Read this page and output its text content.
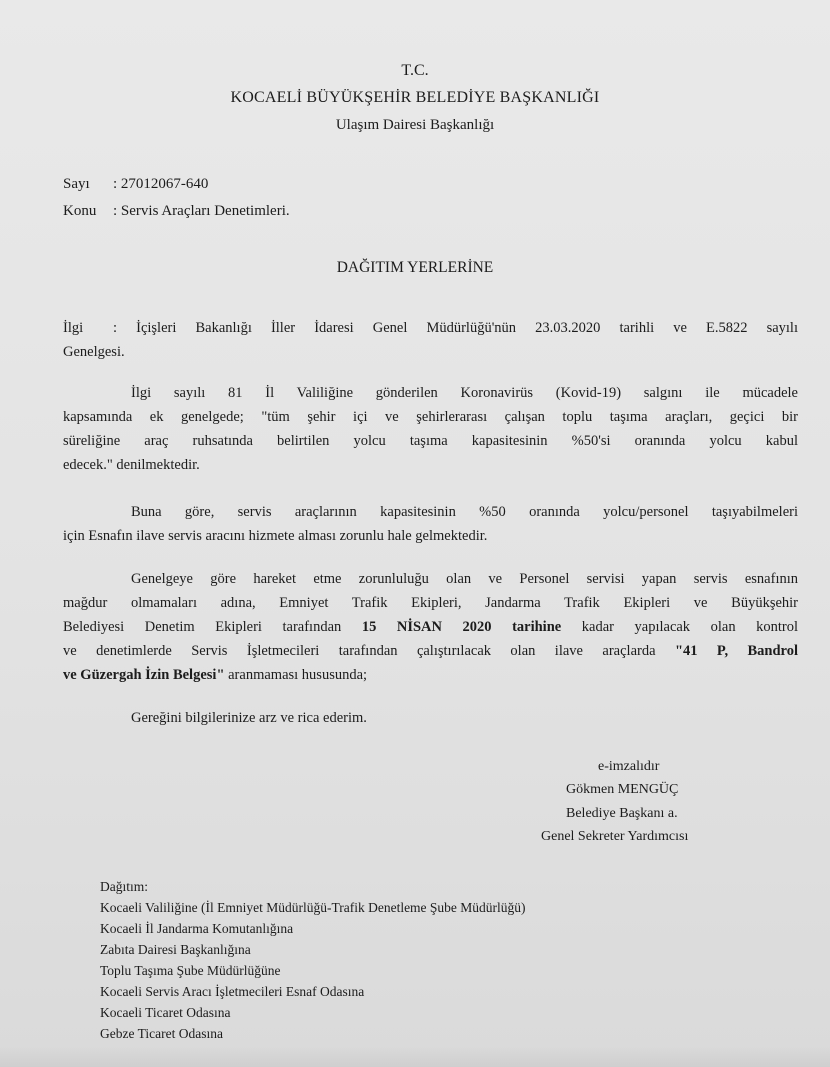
T.C.
KOCAELİ BÜYÜKŞEHİR BELEDİYE BAŞKANLIĞI
Ulaşım Dairesi Başkanlığı
Sayı : 27012067-640
Konu : Servis Araçları Denetimleri.
DAĞITIM YERLERİNE
İlgi : İçişleri Bakanlığı İller İdaresi Genel Müdürlüğü'nün 23.03.2020 tarihli ve E.5822 sayılı
Genelgesi.
İlgi sayılı 81 İl Valiliğine gönderilen Koronavirüs (Kovid-19) salgını ile mücadele
kapsamında ek genelgede; "tüm şehir içi ve şehirlerarası çalışan toplu taşıma araçları, geçici bir
süreliğine araç ruhsatında belirtilen yolcu taşıma kapasitesinin %50'si oranında yolcu kabul
edecek." denilmektedir.
Buna göre, servis araçlarının kapasitesinin %50 oranında yolcu/personel taşıyabilmeleri
için Esnafın ilave servis aracını hizmete alması zorunlu hale gelmektedir.
Genelgeye göre hareket etme zorunluluğu olan ve Personel servisi yapan servis esnafının
mağdur olmamaları adına, Emniyet Trafik Ekipleri, Jandarma Trafik Ekipleri ve Büyükşehir
Belediyesi Denetim Ekipleri tarafından 15 NİSAN 2020 tarihine kadar yapılacak olan kontrol
ve denetimlerde Servis İşletmecileri tarafından çalıştırılacak olan ilave araçlarda "41 P, Bandrol
ve Güzergah İzin Belgesi" aranmaması hususunda;
Gereğini bilgilerinize arz ve rica ederim.
e-imzalıdır
Gökmen MENGÜÇ
Belediye Başkanı a.
Genel Sekreter Yardımcısı
Dağıtım:
Kocaeli Valiliğine (İl Emniyet Müdürlüğü-Trafik Denetleme Şube Müdürlüğü)
Kocaeli İl Jandarma Komutanlığına
Zabıta Dairesi Başkanlığına
Toplu Taşıma Şube Müdürlüğüne
Kocaeli Servis Aracı İşletmecileri Esnaf Odasına
Kocaeli Ticaret Odasına
Gebze Ticaret Odasına
